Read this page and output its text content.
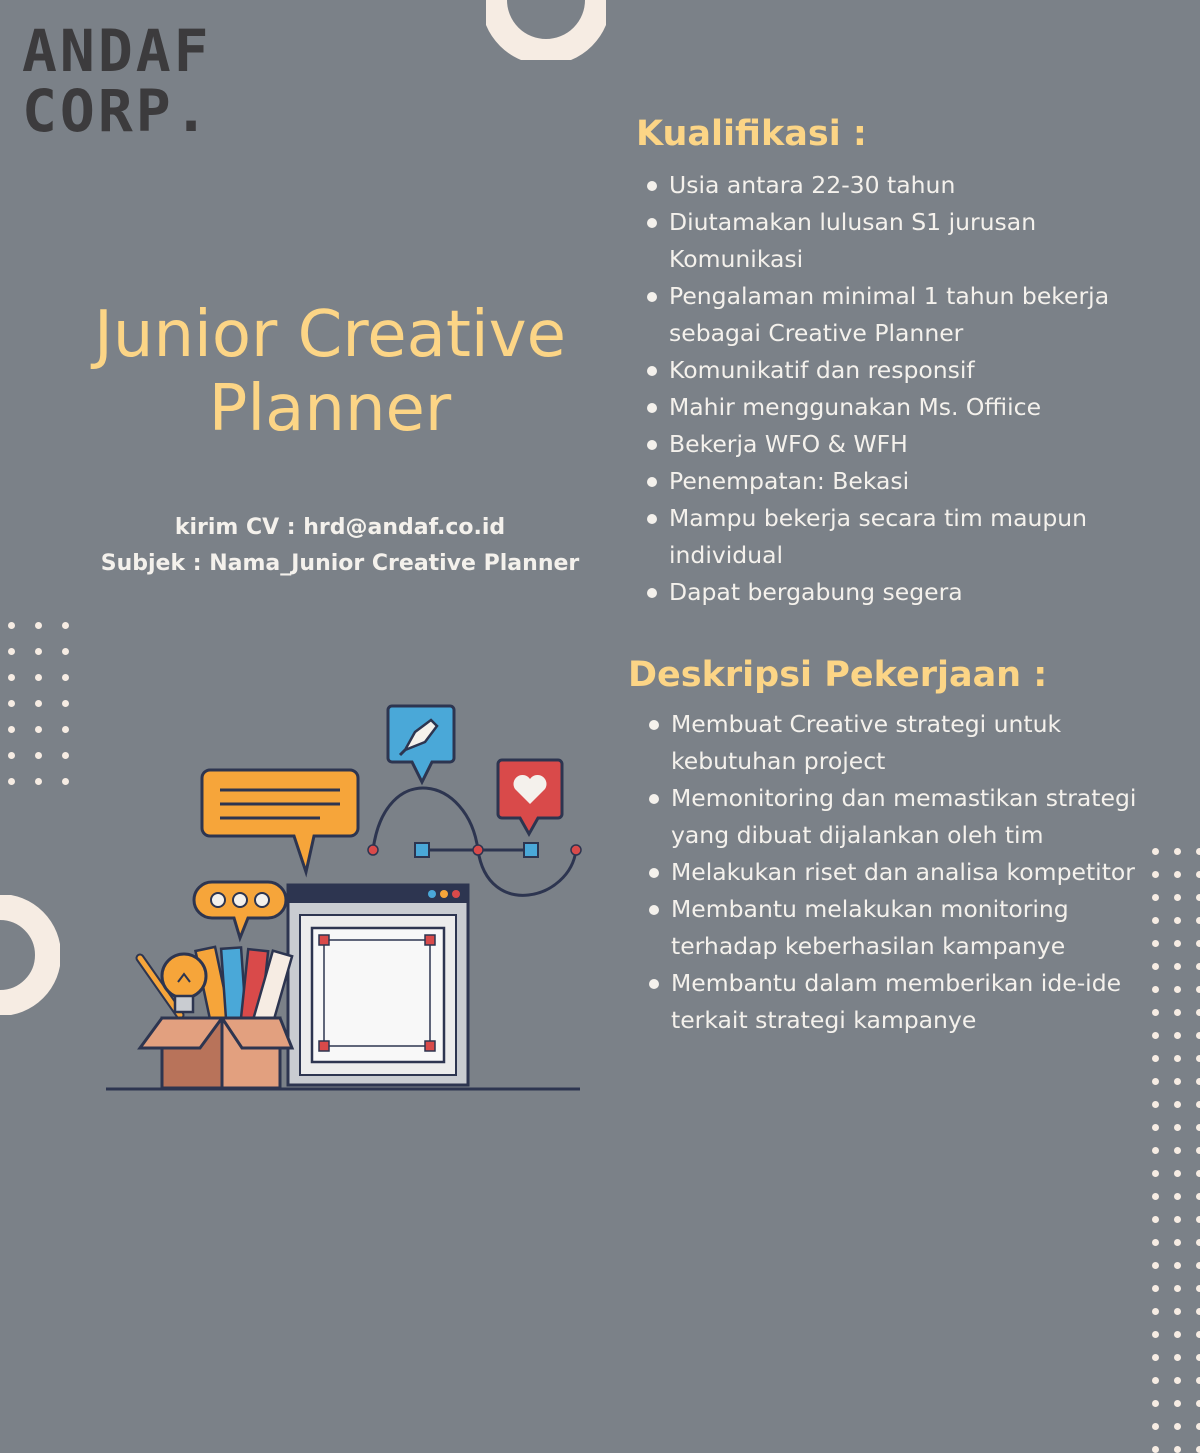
ANDAF
CORP.
Junior Creative
Planner
kirim CV : hrd@andaf.co.id
Subjek : Nama_Junior Creative Planner
Kualifikasi :
Usia antara 22-30 tahun
Diutamakan lulusan S1 jurusan Komunikasi
Pengalaman minimal 1 tahun bekerja sebagai Creative Planner
Komunikatif dan responsif
Mahir menggunakan Ms. Offiice
Bekerja WFO & WFH
Penempatan: Bekasi
Mampu bekerja secara tim maupun individual
Dapat bergabung segera
Deskripsi Pekerjaan :
Membuat Creative strategi untuk kebutuhan project
Memonitoring dan memastikan strategi yang dibuat dijalankan oleh tim
Melakukan riset dan analisa kompetitor
Membantu melakukan monitoring terhadap keberhasilan kampanye
Membantu dalam memberikan ide-ide terkait strategi kampanye
